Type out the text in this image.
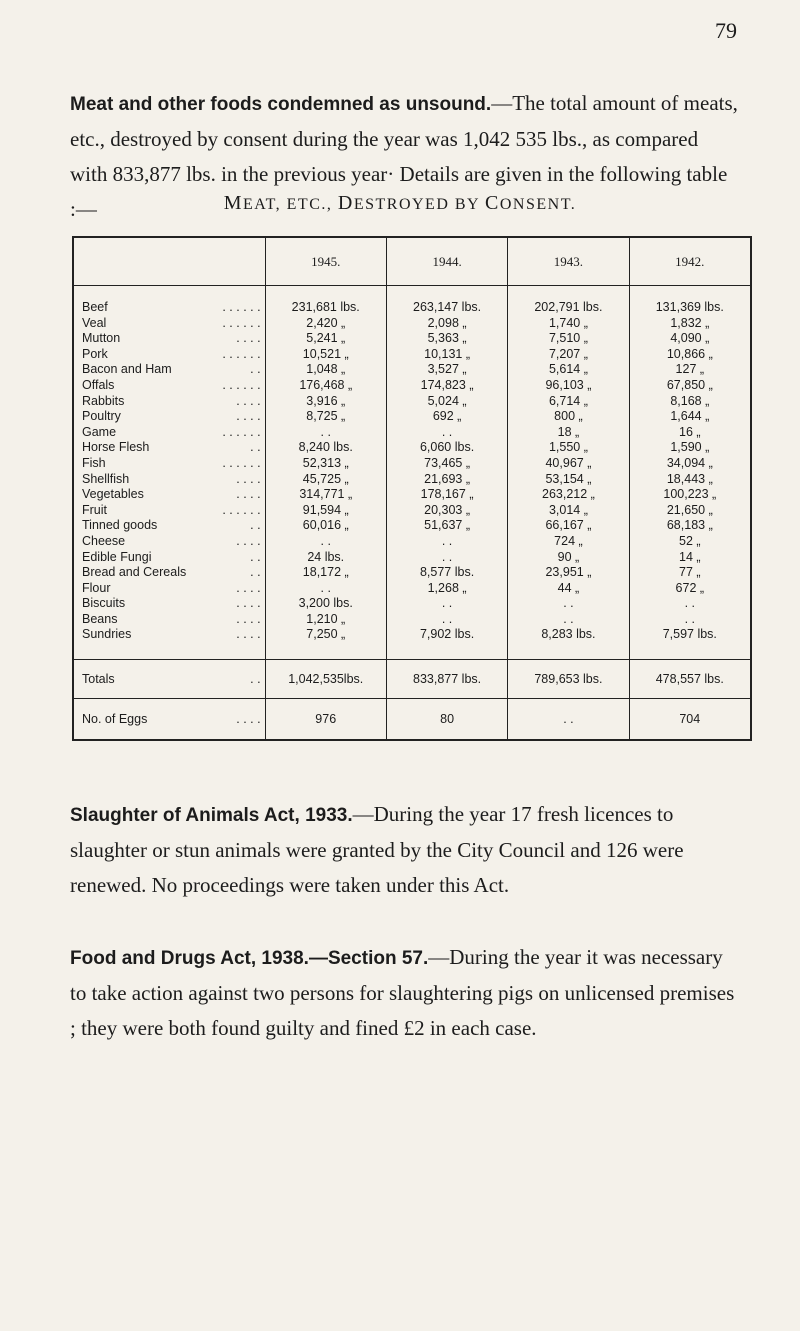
79

Meat and other foods condemned as unsound.—The total amount of meats, etc., destroyed by consent during the year was 1,042 535 lbs., as compared with 833,877 lbs. in the previous year· Details are given in the following table :—	MEAT, ETC., DESTROYED BY CONSENT.
	1945.	1944.	1943.	1942.
Beef . . . . . .	231,681 lbs.	263,147 lbs.	202,791 lbs.	131,369 lbs.
Veal . . . . . .	2,420 „	2,098 „	1,740 „	1,832 „
Mutton . . . .	5,241 „	5,363 „	7,510 „	4,090 „
Pork . . . . . .	10,521 „	10,131 „	7,207 „	10,866 „
Bacon and Ham . .	1,048 „	3,527 „	5,614 „	127 „
Offals . . . . . .	176,468 „	174,823 „	96,103 „	67,850 „
Rabbits . . . .	3,916 „	5,024 „	6,714 „	8,168 „
Poultry . . . .	8,725 „	692 „	800 „	1,644 „
Game . . . . . .	. .	. .	18 „	16 „
Horse Flesh . .	8,240 lbs.	6,060 lbs.	1,550 „	1,590 „
Fish . . . . . .	52,313 „	73,465 „	40,967 „	34,094 „
Shellfish . . . .	45,725 „	21,693 „	53,154 „	18,443 „
Vegetables . . . .	314,771 „	178,167 „	263,212 „	100,223 „
Fruit . . . . . .	91,594 „	20,303 „	3,014 „	21,650 „
Tinned goods . .	60,016 „	51,637 „	66,167 „	68,183 „
Cheese . . . .	. .	. .	724 „	52 „
Edible Fungi . .	24 lbs.	. .	90 „	14 „
Bread and Cereals . .	18,172 „	8,577 lbs.	23,951 „	77 „
Flour . . . .	. .	1,268 „	44 „	672 „
Biscuits . . . .	3,200 lbs.	. .	. .	. .
Beans . . . .	1,210 „	. .	. .	. .
Sundries . . . .	7,250 „	7,902 lbs.	8,283 lbs.	7,597 lbs.
Totals . .	1,042,535lbs.	833,877 lbs.	789,653 lbs.	478,557 lbs.
No. of Eggs . . . .	976	80	. .	704

Slaughter of Animals Act, 1933.—During the year 17 fresh licences to slaughter or stun animals were granted by the City Council and 126 were renewed. No proceedings were taken under this Act.

Food and Drugs Act, 1938.—Section 57.—During the year it was necessary to take action against two persons for slaughtering pigs on unlicensed premises ; they were both found guilty and fined £2 in each case.
